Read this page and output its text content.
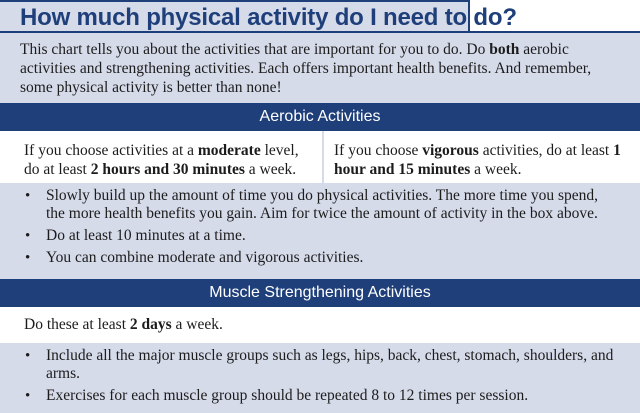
How much physical activity do I need to do?
This chart tells you about the activities that are important for you to do. Do both aerobic activities and strengthening activities. Each offers important health benefits. And remember, some physical activity is better than none!
Aerobic Activities
If you choose activities at a moderate level, do at least 2 hours and 30 minutes a week.
If you choose vigorous activities, do at least 1 hour and 15 minutes a week.
• Slowly build up the amount of time you do physical activities. The more time you spend, the more health benefits you gain. Aim for twice the amount of activity in the box above.
• Do at least 10 minutes at a time.
• You can combine moderate and vigorous activities.
Muscle Strengthening Activities
Do these at least 2 days a week.
• Include all the major muscle groups such as legs, hips, back, chest, stomach, shoulders, and arms.
• Exercises for each muscle group should be repeated 8 to 12 times per session.
